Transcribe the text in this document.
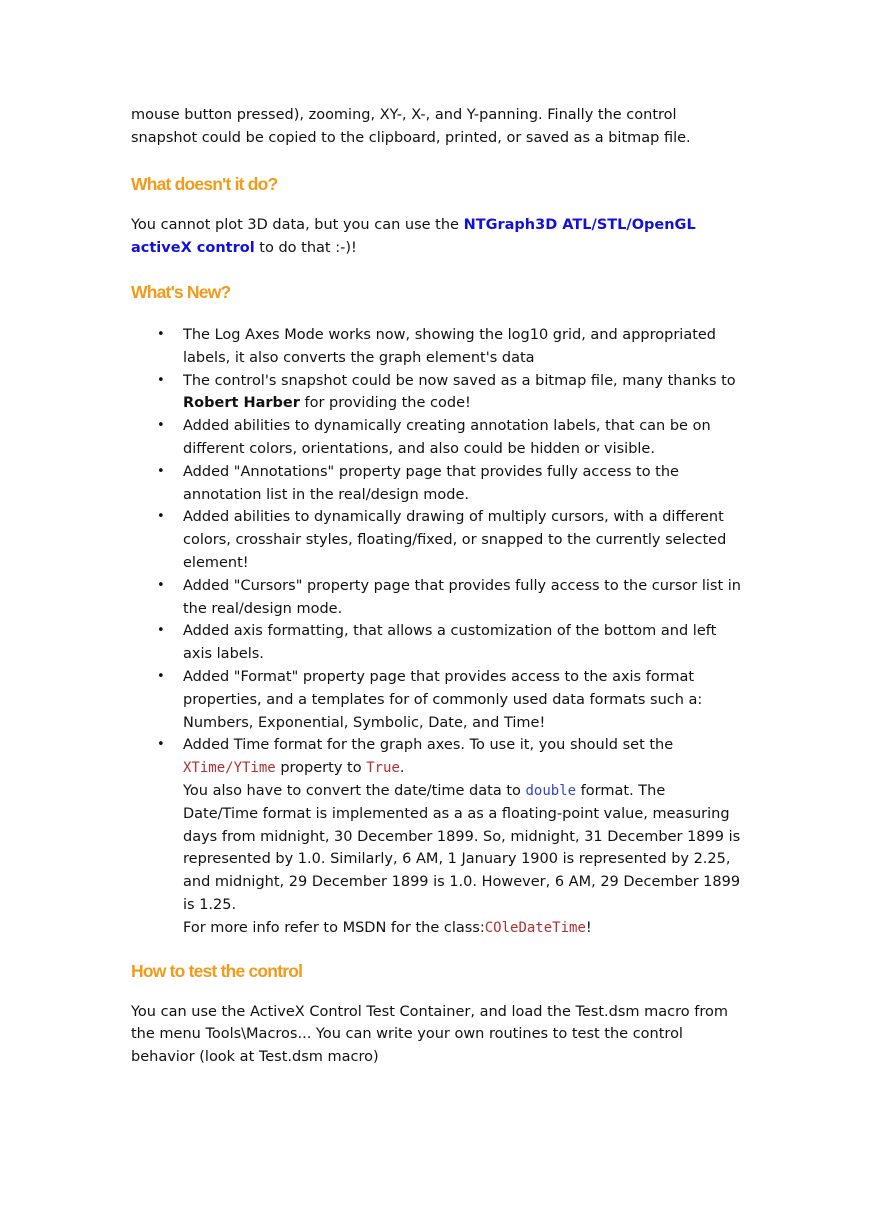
mouse button pressed), zooming, XY-, X-, and Y-panning. Finally the control snapshot could be copied to the clipboard, printed, or saved as a bitmap file.

What doesn't it do?

You cannot plot 3D data, but you can use the NTGraph3D ATL/STL/OpenGL activeX control to do that :-)!

What's New?
• The Log Axes Mode works now, showing the log10 grid, and appropriated labels, it also converts the graph element's data
• The control's snapshot could be now saved as a bitmap file, many thanks to Robert Harber for providing the code!
• Added abilities to dynamically creating annotation labels, that can be on different colors, orientations, and also could be hidden or visible.
• Added "Annotations" property page that provides fully access to the annotation list in the real/design mode.
• Added abilities to dynamically drawing of multiply cursors, with a different colors, crosshair styles, floating/fixed, or snapped to the currently selected element!
• Added "Cursors" property page that provides fully access to the cursor list in the real/design mode.
• Added axis formatting, that allows a customization of the bottom and left axis labels.
• Added "Format" property page that provides access to the axis format properties, and a templates for of commonly used data formats such a: Numbers, Exponential, Symbolic, Date, and Time!
• Added Time format for the graph axes. To use it, you should set the XTime/YTime property to True.
You also have to convert the date/time data to double format. The Date/Time format is implemented as a as a floating-point value, measuring days from midnight, 30 December 1899. So, midnight, 31 December 1899 is represented by 1.0. Similarly, 6 AM, 1 January 1900 is represented by 2.25, and midnight, 29 December 1899 is 1.0. However, 6 AM, 29 December 1899 is 1.25.
For more info refer to MSDN for the class:COleDateTime!
How to test the control

You can use the ActiveX Control Test Container, and load the Test.dsm macro from the menu Tools\Macros... You can write your own routines to test the control behavior (look at Test.dsm macro)
